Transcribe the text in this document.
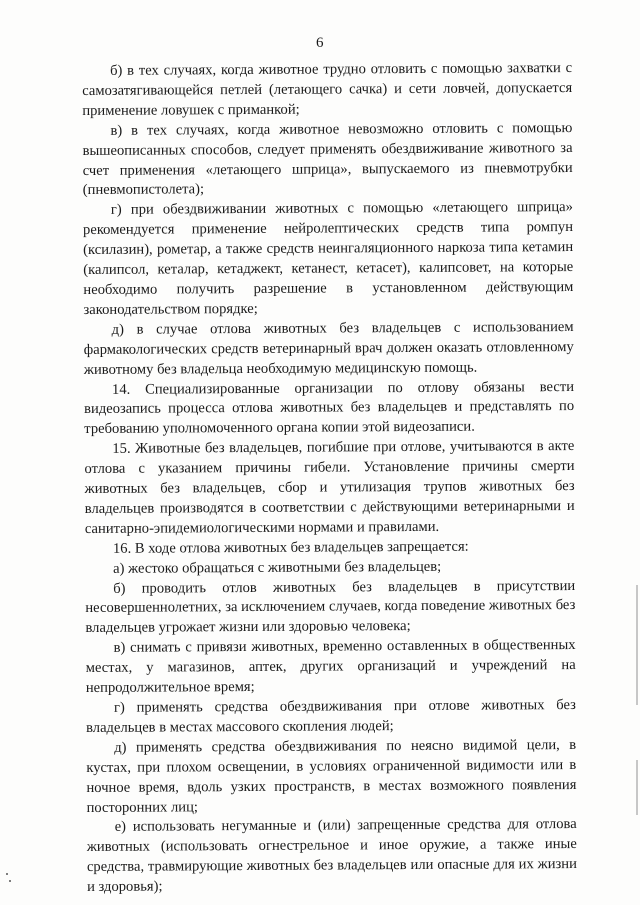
6

б) в тех случаях, когда животное трудно отловить с помощью захватки с самозатягивающейся петлей (летающего сачка) и сети ловчей, допускается применение ловушек с приманкой;

в) в тех случаях, когда животное невозможно отловить с помощью вышеописанных способов, следует применять обездвиживание животного за счет применения «летающего шприца», выпускаемого из пневмотрубки (пневмопистолета);

г) при обездвиживании животных с помощью «летающего шприца» рекомендуется применение нейролептических средств типа ромпун (ксилазин), рометар, а также средств неингаляционного наркоза типа кетамин (калипсол, кеталар, кетаджект, кетанест, кетасет), калипсовет, на которые необходимо получить разрешение в установленном действующим законодательством порядке;

д) в случае отлова животных без владельцев с использованием фармакологических средств ветеринарный врач должен оказать отловленному животному без владельца необходимую медицинскую помощь.

14. Специализированные организации по отлову обязаны вести видеозапись процесса отлова животных без владельцев и представлять по требованию уполномоченного органа копии этой видеозаписи.

15. Животные без владельцев, погибшие при отлове, учитываются в акте отлова с указанием причины гибели. Установление причины смерти животных без владельцев, сбор и утилизация трупов животных без владельцев производятся в соответствии с действующими ветеринарными и санитарно-эпидемиологическими нормами и правилами.

16. В ходе отлова животных без владельцев запрещается:

а) жестоко обращаться с животными без владельцев;

б) проводить отлов животных без владельцев в присутствии несовершеннолетних, за исключением случаев, когда поведение животных без владельцев угрожает жизни или здоровью человека;

в) снимать с привязи животных, временно оставленных в общественных местах, у магазинов, аптек, других организаций и учреждений на непродолжительное время;

г) применять средства обездвиживания при отлове животных без владельцев в местах массового скопления людей;

д) применять средства обездвиживания по неясно видимой цели, в кустах, при плохом освещении, в условиях ограниченной видимости или в ночное время, вдоль узких пространств, в местах возможного появления посторонних лиц;

е) использовать негуманные и (или) запрещенные средства для отлова животных (использовать огнестрельное и иное оружие, а также иные средства, травмирующие животных без владельцев или опасные для их жизни и здоровья);
